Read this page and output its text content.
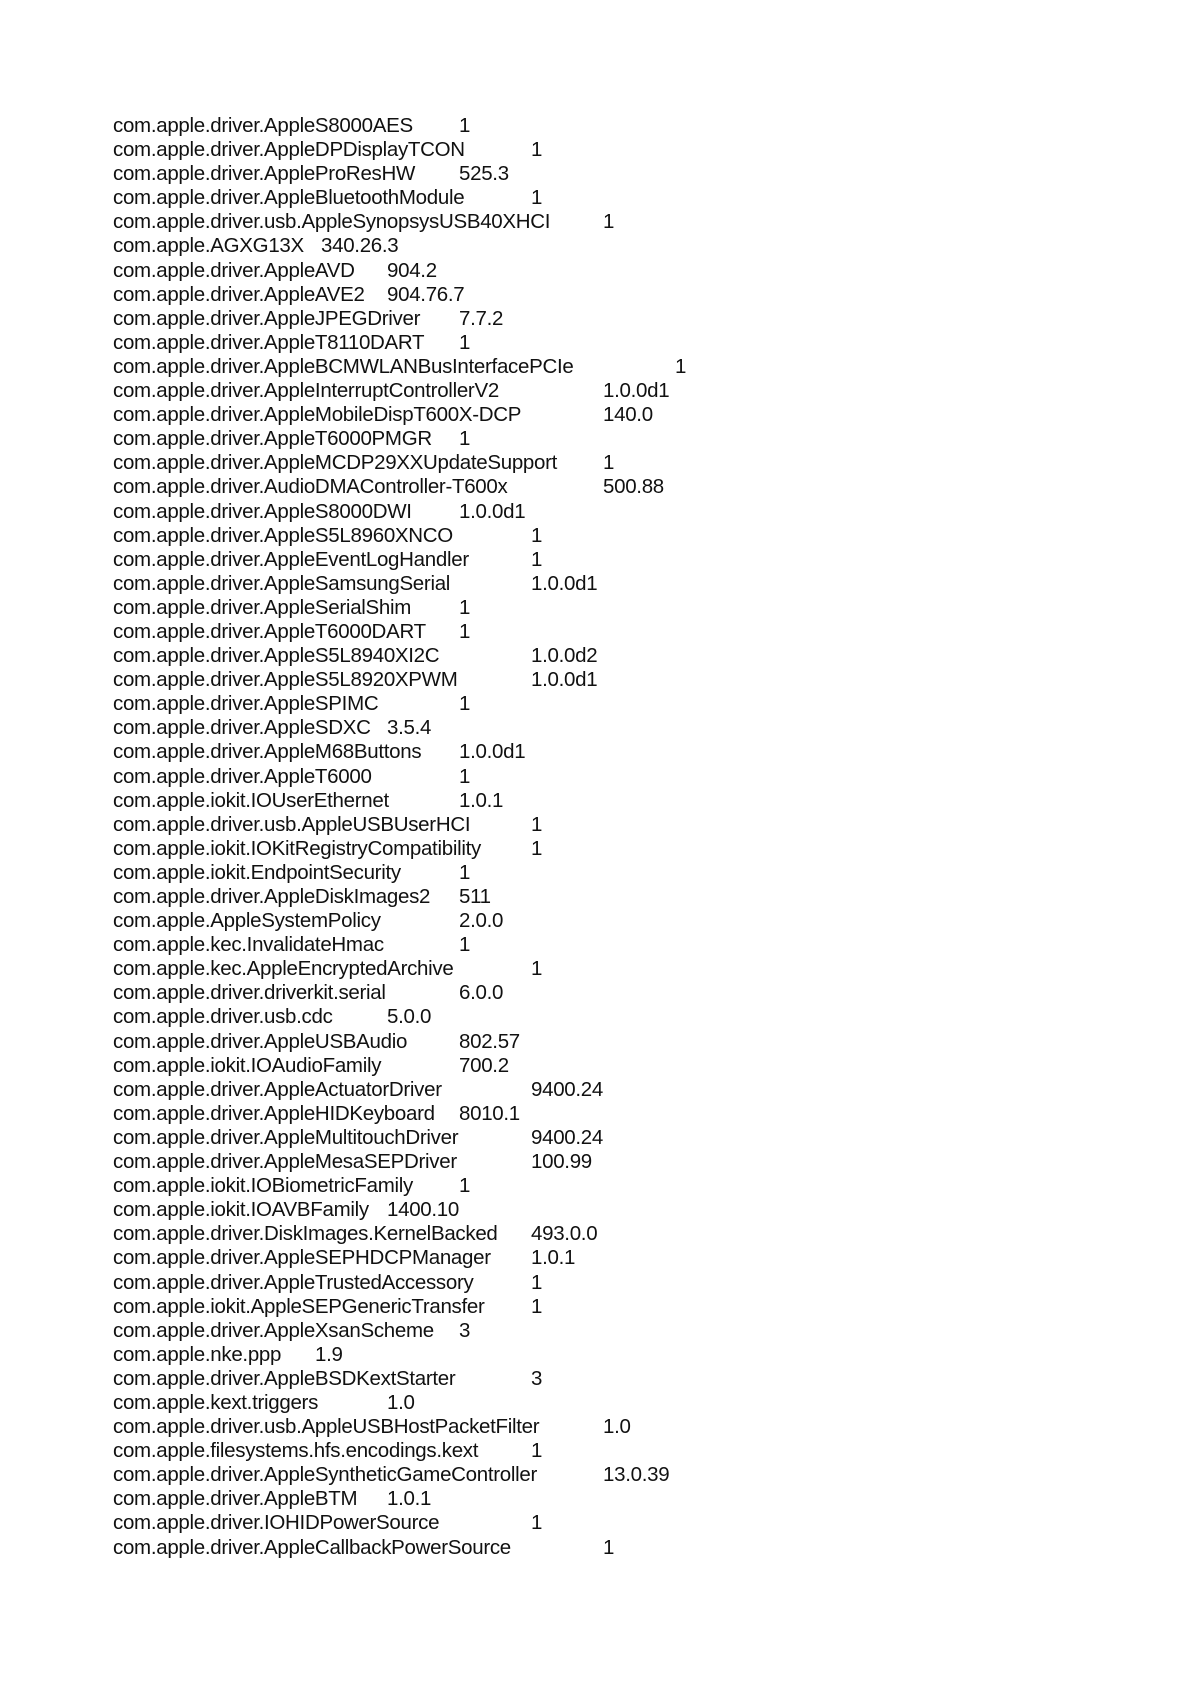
com.apple.driver.AppleS8000AES 1
com.apple.driver.AppleDPDisplayTCON	1
com.apple.driver.AppleProResHW 525.3
com.apple.driver.AppleBluetoothModule	1
com.apple.driver.usb.AppleSynopsysUSB40XHCI	1
com.apple.AGXG13X 340.26.3
com.apple.driver.AppleAVD 904.2
com.apple.driver.AppleAVE2 904.76.7
com.apple.driver.AppleJPEGDriver 7.7.2
com.apple.driver.AppleT8110DART 1
com.apple.driver.AppleBCMWLANBusInterfacePCIe	1
com.apple.driver.AppleInterruptControllerV2	1.0.0d1
com.apple.driver.AppleMobileDispT600X-DCP	140.0
com.apple.driver.AppleT6000PMGR 1
com.apple.driver.AppleMCDP29XXUpdateSupport 1
com.apple.driver.AudioDMAController-T600x	500.88
com.apple.driver.AppleS8000DWI 1.0.0d1
com.apple.driver.AppleS5L8960XNCO	1
com.apple.driver.AppleEventLogHandler	1
com.apple.driver.AppleSamsungSerial	1.0.0d1
com.apple.driver.AppleSerialShim 1
com.apple.driver.AppleT6000DART 1
com.apple.driver.AppleS5L8940XI2C	1.0.0d2
com.apple.driver.AppleS5L8920XPWM	1.0.0d1
com.apple.driver.AppleSPIMC	1
com.apple.driver.AppleSDXC 3.5.4
com.apple.driver.AppleM68Buttons 1.0.0d1
com.apple.driver.AppleT6000	1
com.apple.iokit.IOUserEthernet	1.0.1
com.apple.driver.usb.AppleUSBUserHCI	1
com.apple.iokit.IOKitRegistryCompatibility 1
com.apple.iokit.EndpointSecurity	1
com.apple.driver.AppleDiskImages2 511
com.apple.AppleSystemPolicy	2.0.0
com.apple.kec.InvalidateHmac	1
com.apple.kec.AppleEncryptedArchive	1
com.apple.driver.driverkit.serial	6.0.0
com.apple.driver.usb.cdc	5.0.0
com.apple.driver.AppleUSBAudio	802.57
com.apple.iokit.IOAudioFamily	700.2
com.apple.driver.AppleActuatorDriver	9400.24
com.apple.driver.AppleHIDKeyboard 8010.1
com.apple.driver.AppleMultitouchDriver	9400.24
com.apple.driver.AppleMesaSEPDriver	100.99
com.apple.iokit.IOBiometricFamily 1
com.apple.iokit.IOAVBFamily 1400.10
com.apple.driver.DiskImages.KernelBacked 493.0.0
com.apple.driver.AppleSEPHDCPManager 1.0.1
com.apple.driver.AppleTrustedAccessory	1
com.apple.iokit.AppleSEPGenericTransfer 1
com.apple.driver.AppleXsanScheme 3
com.apple.nke.ppp 1.9
com.apple.driver.AppleBSDKextStarter	3
com.apple.kext.triggers	1.0
com.apple.driver.usb.AppleUSBHostPacketFilter	1.0
com.apple.filesystems.hfs.encodings.kext	1
com.apple.driver.AppleSyntheticGameController	13.0.39
com.apple.driver.AppleBTM 1.0.1
com.apple.driver.IOHIDPowerSource	1
com.apple.driver.AppleCallbackPowerSource	1
